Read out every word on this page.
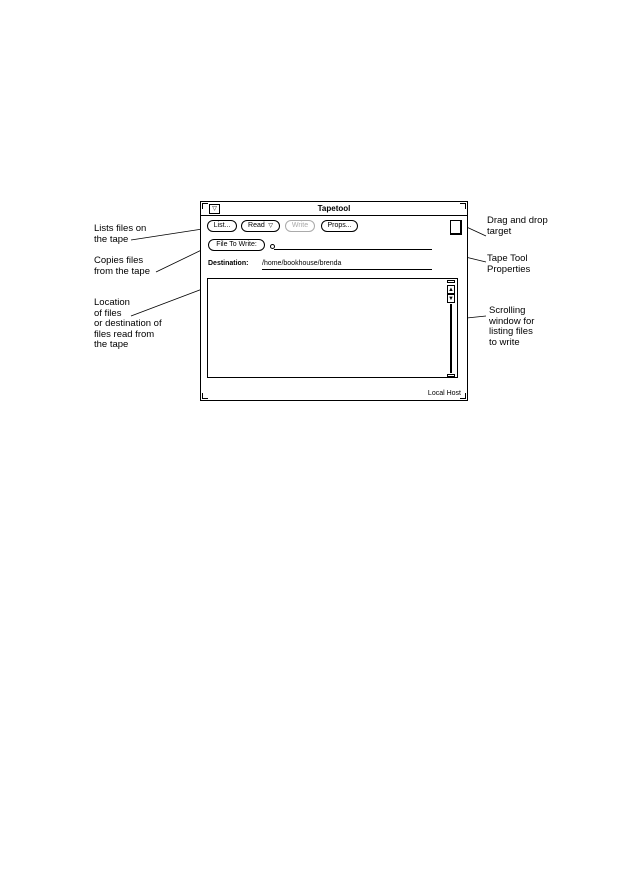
Lists files on
the tape
Copies files
from the tape
Location
of files
or destination of
files read from
the tape
Drag and drop
target
Tape Tool
Properties
Scrolling
window for
listing files
to write
▽	Tapetool
List...	Read  ▽	Write	Props...
File To Write:
Destination: /home/bookhouse/brenda
▲
▼
Local Host
